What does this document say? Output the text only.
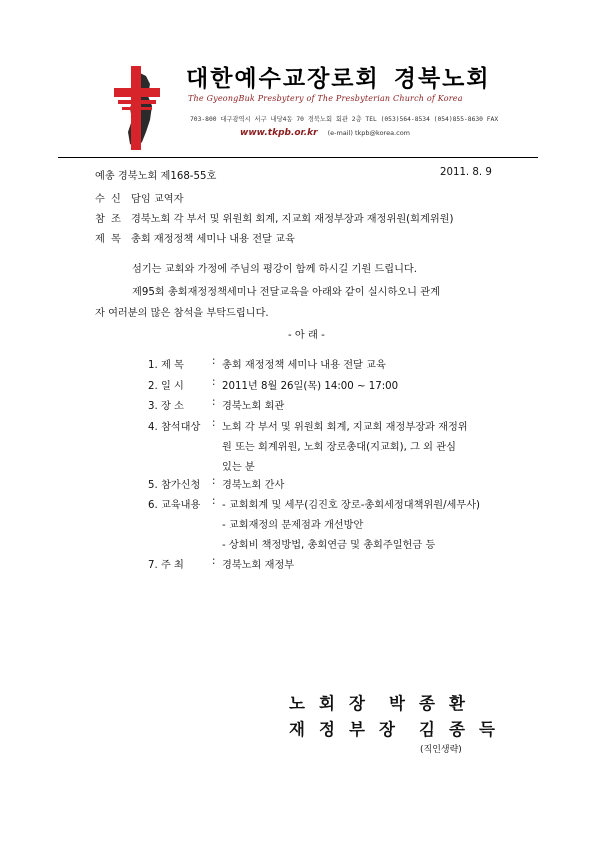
대한예수교장로회 경북노회
The GyeongBuk Presbytery of The Presbyterian Church of Korea
703-800 대구광역시 서구 내당4동 70 경북노회 회관 2층 TEL (053)564-8534 (054)855-8630 FAX
www.tkpb.or.kr (e-mail) tkpb@korea.com
예총 경북노회 제168-55호	2011. 8. 9
수 신 담임 교역자
참 조 경북노회 각 부서 및 위원회 회계, 지교회 재정부장과 재정위원(회계위원)
제 목 총회 재정정책 세미나 내용 전달 교육
섬기는 교회와 가정에 주님의 평강이 함께 하시길 기원 드립니다.
제95회 총회재정정책세미나 전달교육을 아래와 같이 실시하오니 관계
자 여러분의 많은 참석을 부탁드립니다.
- 아 래 -
1. 제 목	: 총회 재정정책 세미나 내용 전달 교육
2. 일 시	: 2011년 8월 26일(목) 14:00 ~ 17:00
3. 장 소	: 경북노회 회관
4. 참석대상 : 노회 각 부서 및 위원회 회계, 지교회 재정부장과 재정위
원 또는 회계위원, 노회 장로총대(지교회), 그 외 관심
있는 분
5. 참가신청 : 경북노회 간사
6. 교육내용 : - 교회회계 및 세무(김진호 장로-총회세정대책위원/세무사)
- 교회재정의 문제점과 개선방안
- 상회비 책정방법, 총회연금 및 총회주일헌금 등
7. 주 최	: 경북노회 재정부
노 회 장 박 종 환
재 정 부 장 김 종 득
(직인생략)
